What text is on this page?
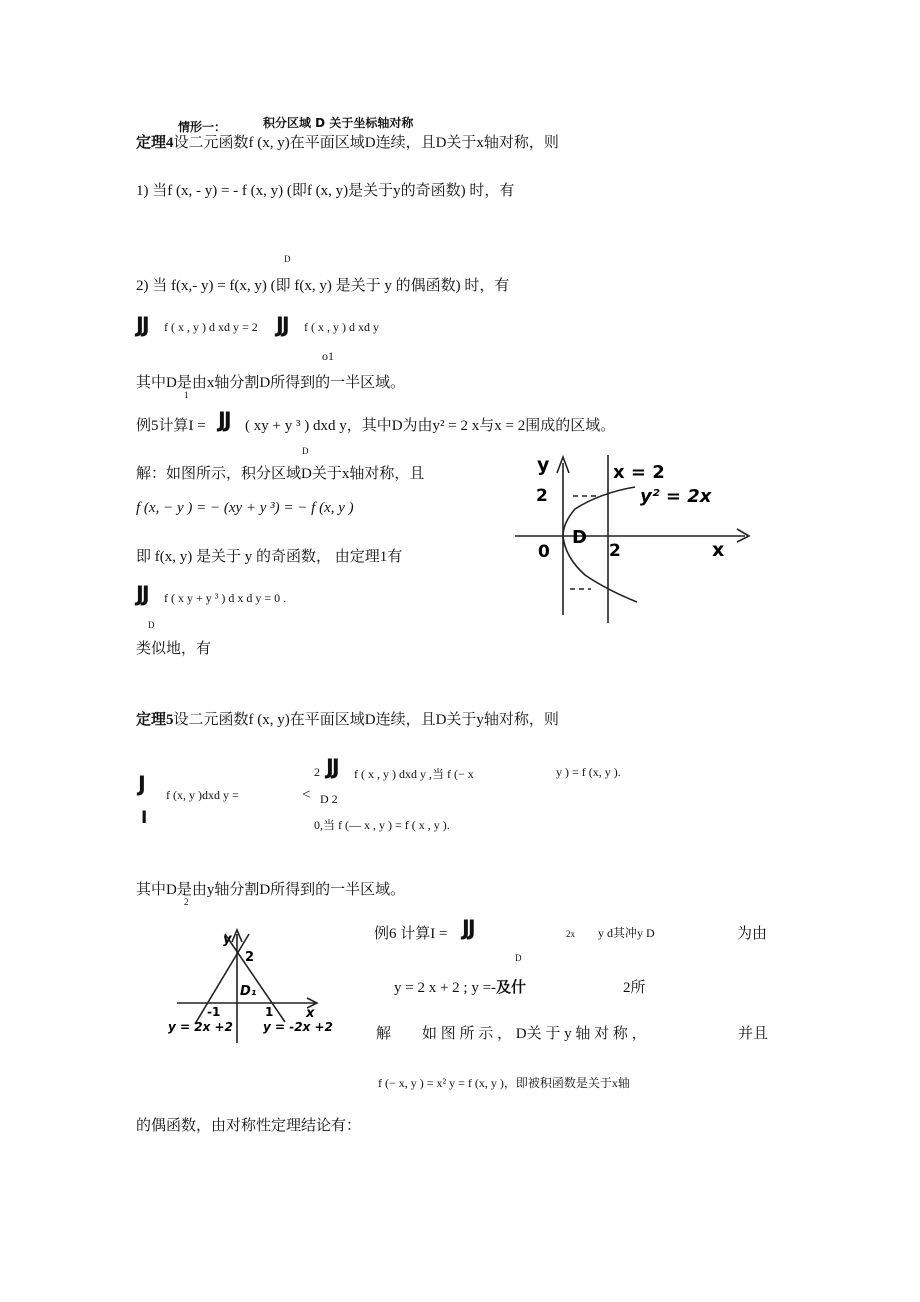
情形一：	积分区域 D 关于坐标轴对称
定理4设二元函数f (x, y)在平面区域D连续，且D关于x轴对称，则
1) 当f (x, - y) = - f (x, y) (即f (x, y)是关于y的奇函数) 时，有
D
2) 当 f(x,- y) = f(x, y) (即 f(x, y) 是关于 y 的偶函数) 时，有
JJ f ( x , y ) d xd y = 2 JJ f ( x , y ) d xd y
o1
其中D是由x轴分割D所得到的一半区域。
1
例5计算I = JJ ( xy + y ³ ) dxd y，其中D为由y² = 2 x与x = 2围成的区域。
D
解：如图所示，积分区域D关于x轴对称，且
f (x, − y ) = − (xy + y ³) = − f (x, y )
即 f(x, y) 是关于 y 的奇函数， 由定理1有
JJ f ( x y + y ³ ) d x d y = 0 .
D
类似地，有
y
x
0
2
2
D
x = 2
y² = 2x
定理5设二元函数f (x, y)在平面区域D连续，且D关于y轴对称，则
J
I
f (x, y )dxd y =
2 JJ f ( x , y ) dxd y ,当 f (− x	y ) = f (x, y ).
< D 2
0,当 f (— x , y ) = f ( x , y ).
其中D是由y轴分割D所得到的一半区域。
2
y
x
2
-1	1
D₁
y = 2x +2	y = -2x +2
例6 计算I = JJ	2x y d其冲y D	为由
D
y = 2 x + 2 ; y =-及什	2所
解 如 图 所 示 ， D关 于 y 轴 对 称 ，	并且
f (− x, y ) = x² y = f (x, y )，即被积函数是关于x轴
的偶函数，由对称性定理结论有：
